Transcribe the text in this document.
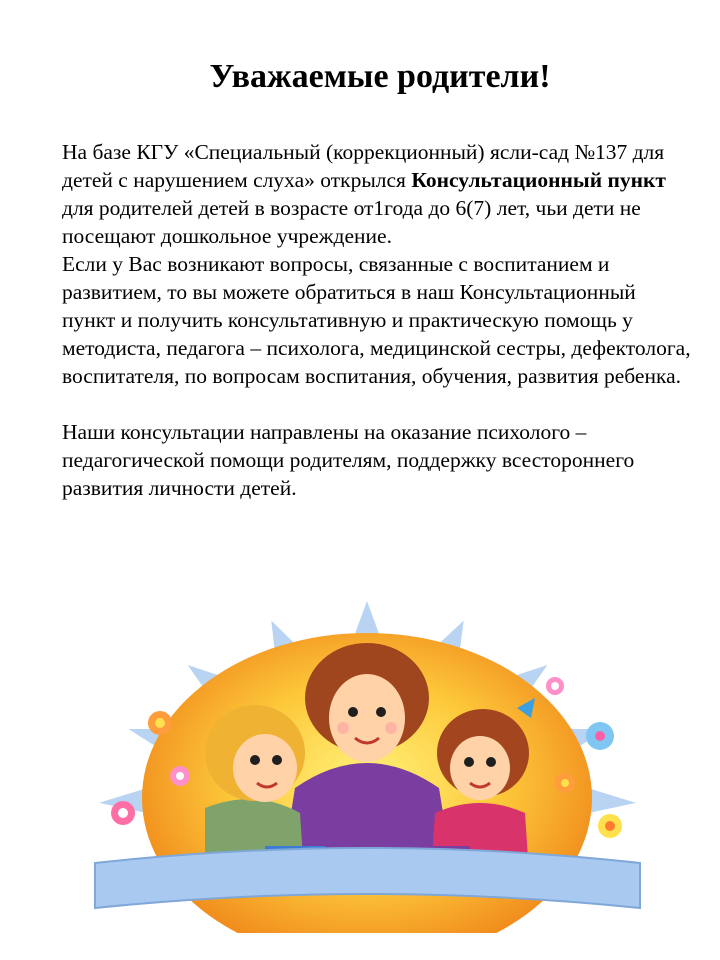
Уважаемые родители!

На базе КГУ «Специальный (коррекционный) ясли-сад №137 для детей с нарушением слуха» открылся Консультационный пункт для родителей детей в возрасте от1года до 6(7) лет, чьи дети не посещают дошкольное учреждение.

Если у Вас возникают вопросы, связанные с воспитанием и развитием, то вы можете обратиться в наш Консультационный пункт и получить консультативную и практическую помощь у методиста, педагога – психолога, медицинской сестры, дефектолога, воспитателя, по вопросам воспитания, обучения, развития ребенка.

Наши консультации направлены на оказание психолого – педагогической помощи родителям, поддержку всестороннего развития личности детей.
